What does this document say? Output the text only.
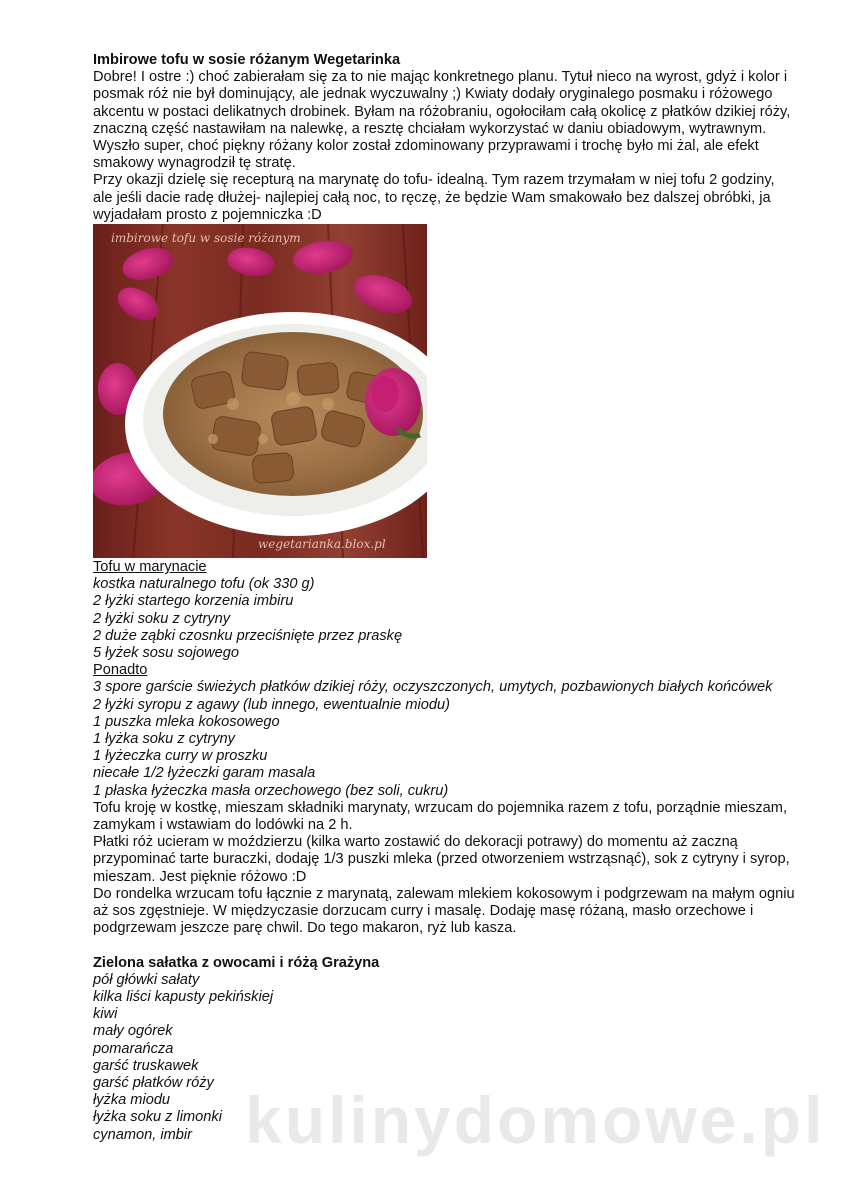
Imbirowe tofu w sosie różanym Wegetarinka

Dobre! I ostre :) choć zabierałam się za to nie mając konkretnego planu. Tytuł nieco na wyrost, gdyż i kolor i posmak róż nie był dominujący, ale jednak wyczuwalny ;) Kwiaty dodały oryginalego posmaku i różowego akcentu w postaci delikatnych drobinek. Byłam na różobraniu, ogołociłam całą okolicę z płatków dzikiej róży, znaczną część nastawiłam na nalewkę, a resztę chciałam wykorzystać w daniu obiadowym, wytrawnym. Wyszło super, choć piękny różany kolor został zdominowany przyprawami i trochę było mi żal, ale efekt smakowy wynagrodził tę stratę.

Przy okazji dzielę się recepturą na marynatę do tofu- idealną. Tym razem trzymałam w niej tofu 2 godziny, ale jeśli dacie radę dłużej- najlepiej całą noc, to ręczę, że będzie Wam smakowało bez dalszej obróbki, ja wyjadałam prosto z pojemniczka :D

imbirowe tofu w sosie różanym
wegetarianka.blox.pl

Tofu w marynacie

kostka naturalnego tofu (ok 330 g)

2 łyżki startego korzenia imbiru

2 łyżki soku z cytryny

2 duże ząbki czosnku przeciśnięte przez praskę

5 łyżek sosu sojowego

Ponadto

3 spore garście świeżych płatków dzikiej róży, oczyszczonych, umytych, pozbawionych białych końcówek

2 łyżki syropu z agawy (lub innego, ewentualnie miodu)

1 puszka mleka kokosowego

1 łyżka soku z cytryny

1 łyżeczka curry w proszku

niecałe 1/2 łyżeczki garam masala

1 płaska łyżeczka masła orzechowego (bez soli, cukru)

Tofu kroję w kostkę, mieszam składniki marynaty, wrzucam do pojemnika razem z tofu, porządnie mieszam, zamykam i wstawiam do lodówki na 2 h.

Płatki róż ucieram w moździerzu (kilka warto zostawić do dekoracji potrawy) do momentu aż zaczną przypominać tarte buraczki, dodaję 1/3 puszki mleka (przed otworzeniem wstrząsnąć), sok z cytryny i syrop, mieszam. Jest pięknie różowo :D

Do rondelka wrzucam tofu łącznie z marynatą, zalewam mlekiem kokosowym i podgrzewam na małym ogniu aż sos zgęstnieje. W międzyczasie dorzucam curry i masalę. Dodaję masę różaną, masło orzechowe i podgrzewam jeszcze parę chwil. Do tego makaron, ryż lub kasza.

Zielona sałatka z owocami i różą Grażyna

pół główki sałaty

kilka liści kapusty pekińskiej

kiwi

mały ogórek

pomarańcza

garść truskawek

garść płatków róży

łyżka miodu

łyżka soku z limonki

cynamon, imbir kulinydomowe.pl
